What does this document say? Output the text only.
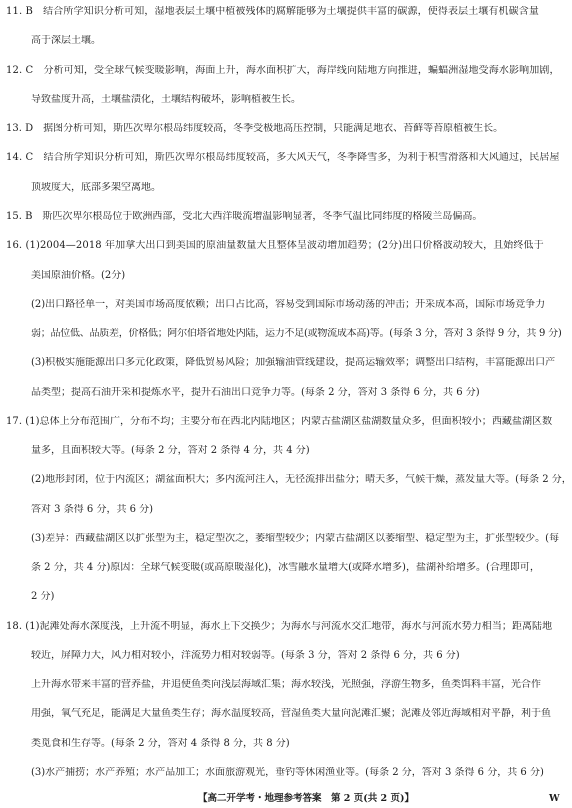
11. B　结合所学知识分析可知，湿地表层土壤中植被残体的腐解能够为土壤提供丰富的碳源，使得表层土壤有机碳含量
高于深层土壤。
12. C　分析可知，受全球气候变暖影响，海面上升，海水面积扩大，海岸线向陆地方向推进，蝙蝠洲湿地受海水影响加剧，
导致盐度升高，土壤盐渍化，土壤结构破坏，影响植被生长。
13. D　据图分析可知，斯匹次卑尔根岛纬度较高，冬季受极地高压控制，只能满足地衣、苔藓等苔原植被生长。
14. C　结合所学知识分析可知，斯匹次卑尔根岛纬度较高，多大风天气，冬季降雪多，为利于积雪滑落和大风通过，民居屋
顶坡度大，底部多架空离地。
15. B　斯匹次卑尔根岛位于欧洲西部，受北大西洋暖流增温影响显著，冬季气温比同纬度的格陵兰岛偏高。
16. (1)2004—2018 年加拿大出口到美国的原油量数量大且整体呈波动增加趋势；(2分)出口价格波动较大，且始终低于
美国原油价格。(2分)
(2)出口路径单一，对美国市场高度依赖；出口占比高，容易受到国际市场动荡的冲击；开采成本高，国际市场竞争力
弱；品位低、品质差，价格低；阿尔伯塔省地处内陆，运力不足(或物流成本高)等。(每条 3 分，答对 3 条得 9 分，共 9 分)
(3)积极实施能源出口多元化政策，降低贸易风险；加强输油管线建设，提高运输效率；调整出口结构，丰富能源出口产
品类型；提高石油开采和提炼水平，提升石油出口竞争力等。(每条 2 分，答对 3 条得 6 分，共 6 分)
17. (1)总体上分布范围广，分布不均；主要分布在西北内陆地区；内蒙古盐湖区盐湖数量众多，但面积较小；西藏盐湖区数
量多，且面积较大等。(每条 2 分，答对 2 条得 4 分，共 4 分)
(2)地形封闭，位于内流区；湖盆面积大；多内流河注入，无径流排出盐分；晴天多，气候干燥，蒸发量大等。(每条 2 分，
答对 3 条得 6 分，共 6 分)
(3)差异：西藏盐湖区以扩张型为主，稳定型次之，萎缩型较少；内蒙古盐湖区以萎缩型、稳定型为主，扩张型较少。(每
条 2 分，共 4 分)原因：全球气候变暖(或高原暖湿化)，冰雪融水量增大(或降水增多)，盐湖补给增多。(合理即可，
2 分)
18. (1)泥滩处海水深度浅，上升流不明显，海水上下交换少；为海水与河流水交汇地带，海水与河流水势力相当；距离陆地
较近，屏障力大，风力相对较小，洋流势力相对较弱等。(每条 3 分，答对 2 条得 6 分，共 6 分)
上升海水带来丰富的营养盐，并追使鱼类向浅层海域汇集；海水较浅，光照强，浮游生物多，鱼类饵料丰富，光合作
用强，氧气充足，能满足大量鱼类生存；海水温度较高，营湿鱼类大量向泥滩汇聚；泥滩及邻近海域相对平静，利于鱼
类觅食和生存等。(每条 2 分，答对 4 条得 8 分，共 8 分)
(3)水产捕捞；水产养殖；水产品加工；水面旅游观光，垂钓等休闲渔业等。(每条 2 分，答对 3 条得 6 分，共 6 分)
【高二开学考・地理参考答案　第 2 页(共 2 页)】	W
